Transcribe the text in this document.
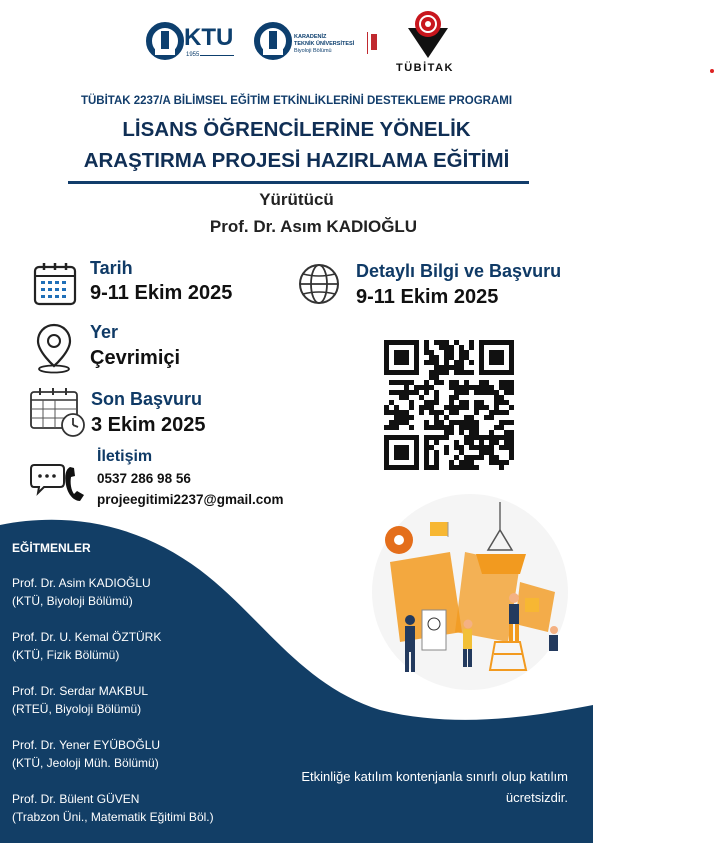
KTU
1955
KARADENİZ
TEKNİK ÜNİVERSİTESİ
Biyoloji Bölümü
TÜBİTAK
TÜBİTAK 2237/A BİLİMSEL EĞİTİM ETKİNLİKLERİNİ DESTEKLEME PROGRAMI
LİSANS ÖĞRENCİLERİNE YÖNELİK
ARAŞTIRMA PROJESİ HAZIRLAMA EĞİTİMİ
Yürütücü
Prof. Dr. Asım KADIOĞLU
Tarih
9-11 Ekim 2025
Detaylı Bilgi ve Başvuru
9-11 Ekim 2025
Yer
Çevrimiçi
Son Başvuru
3 Ekim 2025
İletişim
0537 286 98 56
projeegitimi2237@gmail.com
EĞİTMENLER
Prof. Dr. Asim KADIOĞLU
(KTÜ, Biyoloji Bölümü)
Prof. Dr. U. Kemal ÖZTÜRK
(KTÜ, Fizik Bölümü)
Prof. Dr. Serdar MAKBUL
(RTEÜ, Biyoloji Bölümü)
Prof. Dr. Yener EYÜBOĞLU
(KTÜ, Jeoloji Müh. Bölümü)
Prof. Dr. Bülent GÜVEN
(Trabzon Üni., Matematik Eğitimi Böl.)
Etkinliğe katılım kontenjanla sınırlı olup katılım
ücretsizdir.
